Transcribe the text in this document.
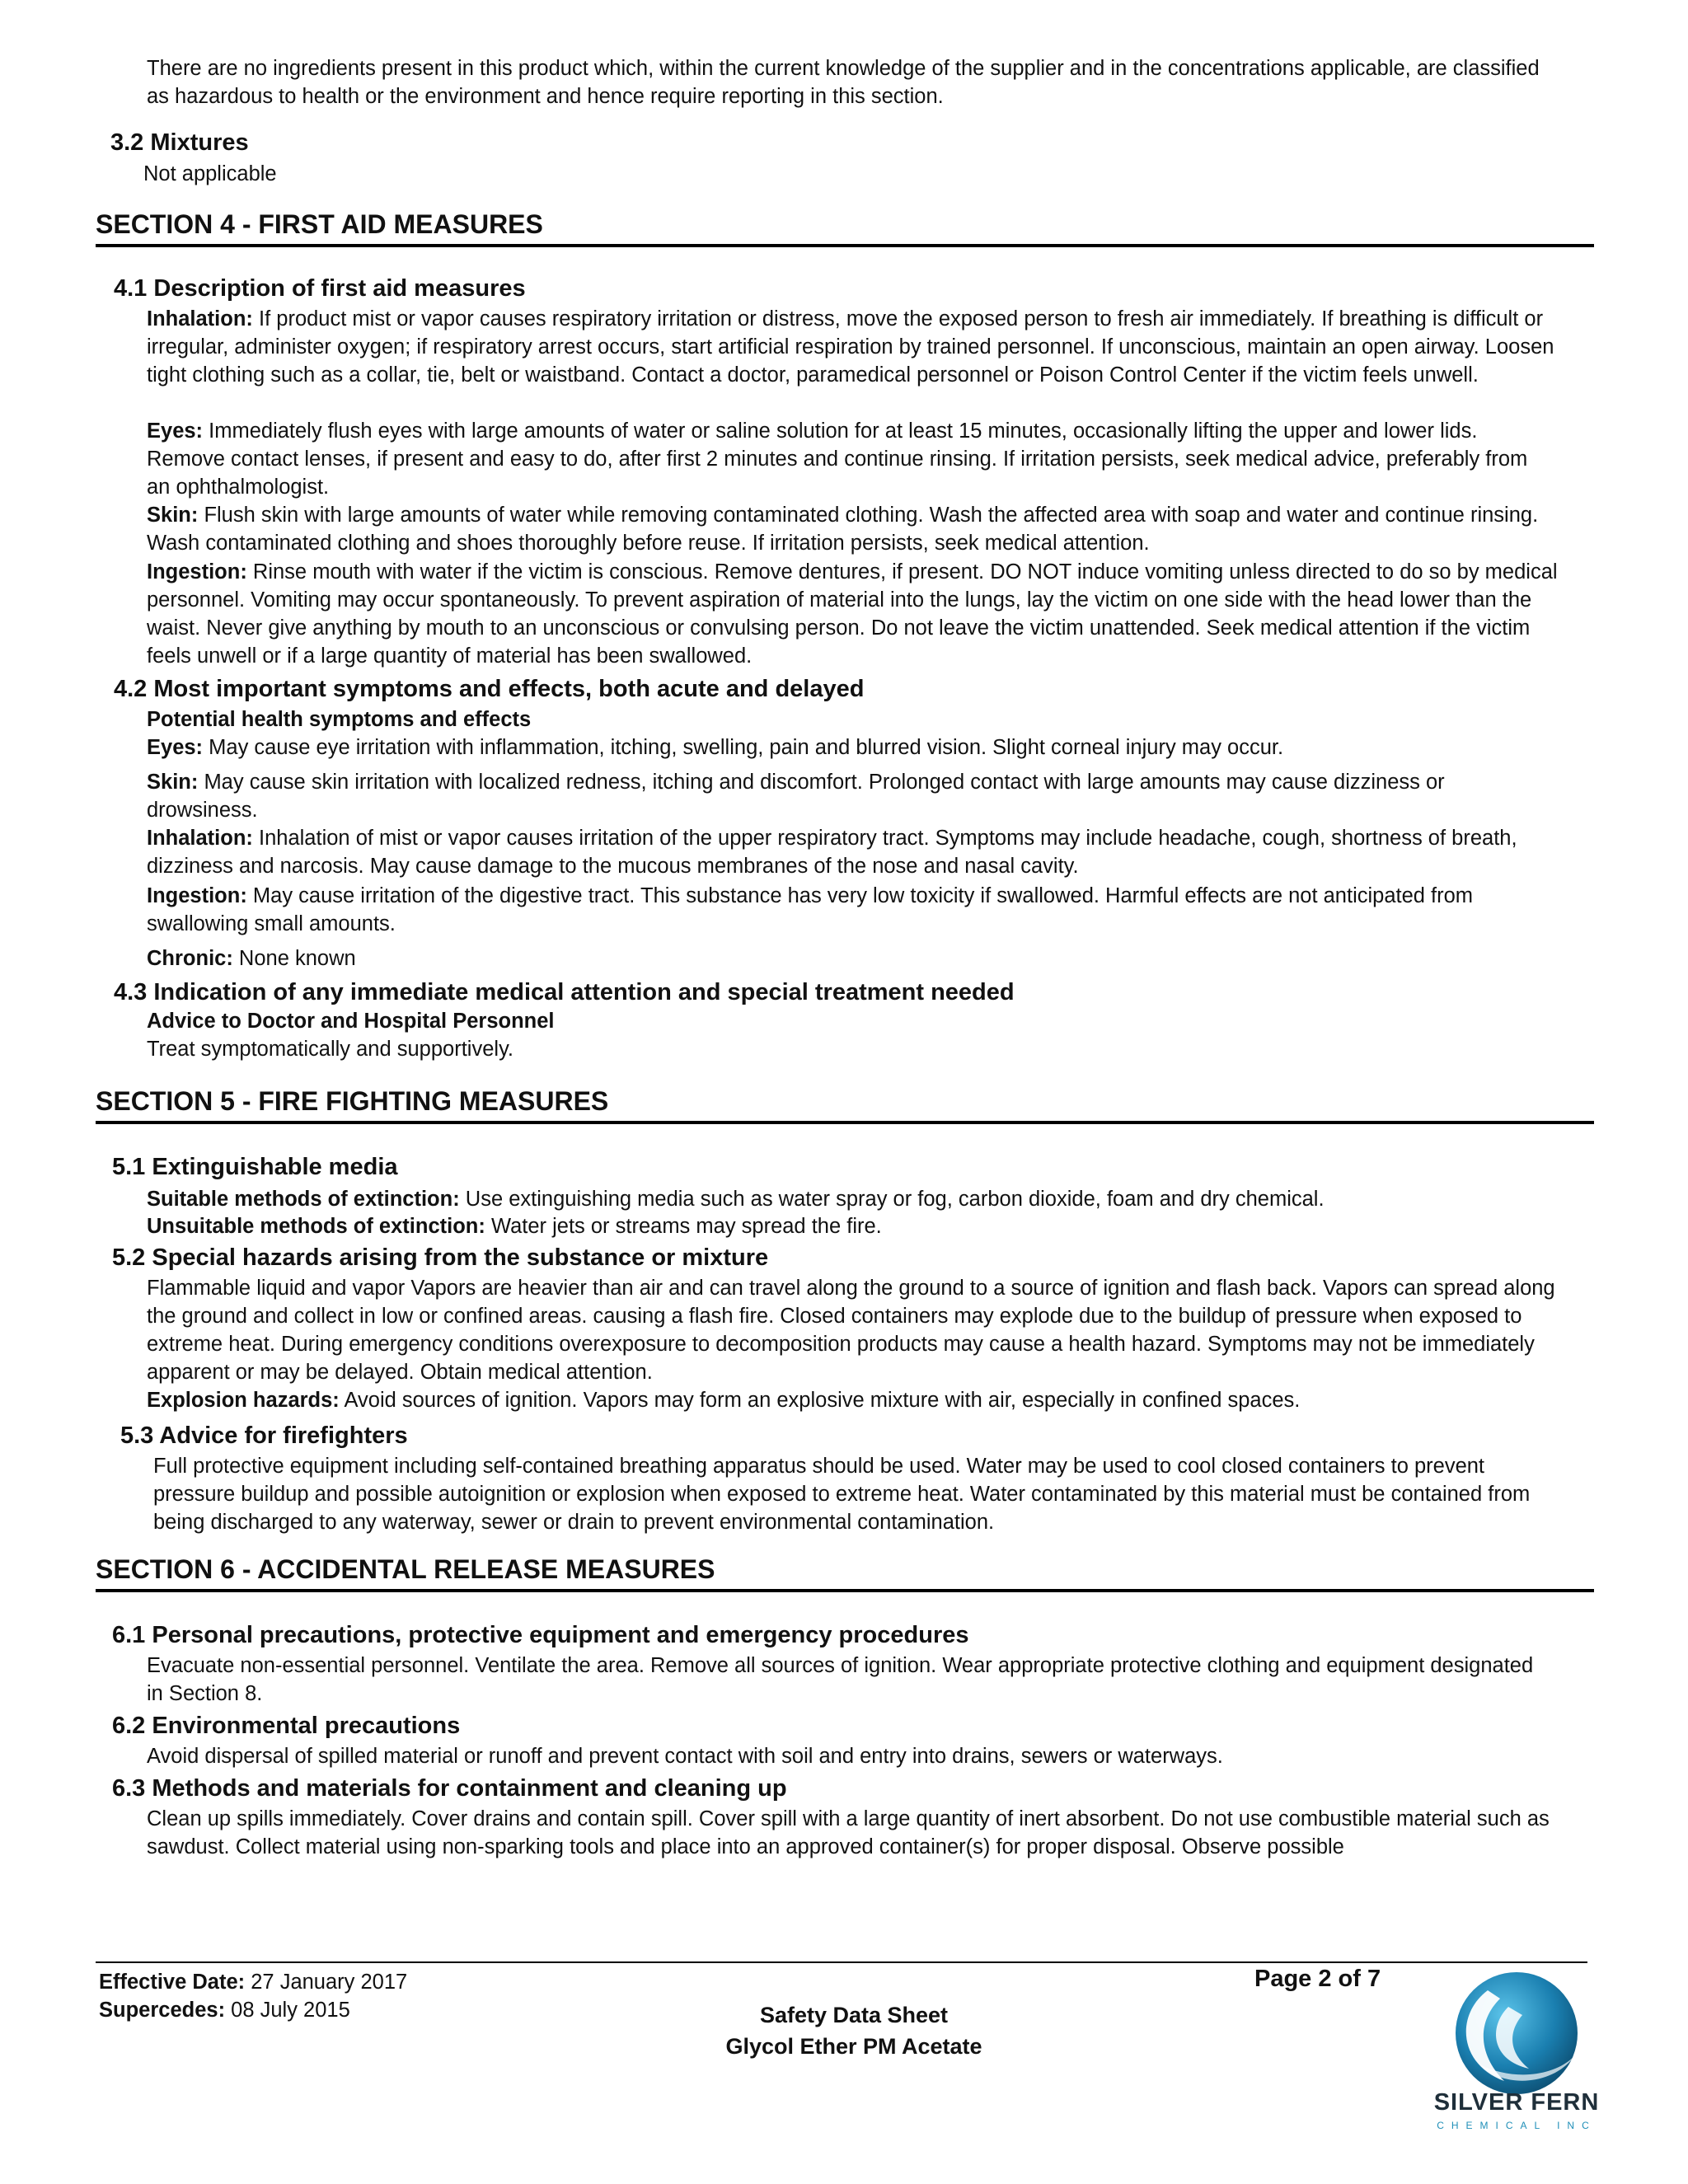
There are no ingredients present in this product which, within the current knowledge of the supplier and in the concentrations applicable, are classified as hazardous to health or the environment and hence require reporting in this section.

3.2 Mixtures

Not applicable

SECTION 4 - FIRST AID MEASURES
4.1 Description of first aid measures

Inhalation: If product mist or vapor causes respiratory irritation or distress, move the exposed person to fresh air immediately. If breathing is difficult or irregular, administer oxygen; if respiratory arrest occurs, start artificial respiration by trained personnel. If unconscious, maintain an open airway. Loosen tight clothing such as a collar, tie, belt or waistband. Contact a doctor, paramedical personnel or Poison Control Center if the victim feels unwell.

Eyes: Immediately flush eyes with large amounts of water or saline solution for at least 15 minutes, occasionally lifting the upper and lower lids. Remove contact lenses, if present and easy to do, after first 2 minutes and continue rinsing. If irritation persists, seek medical advice, preferably from an ophthalmologist.

Skin: Flush skin with large amounts of water while removing contaminated clothing. Wash the affected area with soap and water and continue rinsing. Wash contaminated clothing and shoes thoroughly before reuse. If irritation persists, seek medical attention.

Ingestion: Rinse mouth with water if the victim is conscious. Remove dentures, if present. DO NOT induce vomiting unless directed to do so by medical personnel. Vomiting may occur spontaneously. To prevent aspiration of material into the lungs, lay the victim on one side with the head lower than the waist. Never give anything by mouth to an unconscious or convulsing person. Do not leave the victim unattended. Seek medical attention if the victim feels unwell or if a large quantity of material has been swallowed.

4.2 Most important symptoms and effects, both acute and delayed

Potential health symptoms and effects

Eyes: May cause eye irritation with inflammation, itching, swelling, pain and blurred vision. Slight corneal injury may occur.

Skin: May cause skin irritation with localized redness, itching and discomfort. Prolonged contact with large amounts may cause dizziness or drowsiness.

Inhalation: Inhalation of mist or vapor causes irritation of the upper respiratory tract. Symptoms may include headache, cough, shortness of breath, dizziness and narcosis. May cause damage to the mucous membranes of the nose and nasal cavity.

Ingestion: May cause irritation of the digestive tract. This substance has very low toxicity if swallowed. Harmful effects are not anticipated from swallowing small amounts.

Chronic: None known

4.3 Indication of any immediate medical attention and special treatment needed

Advice to Doctor and Hospital Personnel

Treat symptomatically and supportively.

SECTION 5 - FIRE FIGHTING MEASURES
5.1 Extinguishable media

Suitable methods of extinction: Use extinguishing media such as water spray or fog, carbon dioxide, foam and dry chemical.

Unsuitable methods of extinction: Water jets or streams may spread the fire.

5.2 Special hazards arising from the substance or mixture

Flammable liquid and vapor Vapors are heavier than air and can travel along the ground to a source of ignition and flash back. Vapors can spread along the ground and collect in low or confined areas. causing a flash fire. Closed containers may explode due to the buildup of pressure when exposed to extreme heat. During emergency conditions overexposure to decomposition products may cause a health hazard. Symptoms may not be immediately apparent or may be delayed. Obtain medical attention.

Explosion hazards: Avoid sources of ignition. Vapors may form an explosive mixture with air, especially in confined spaces.

5.3 Advice for firefighters

Full protective equipment including self-contained breathing apparatus should be used. Water may be used to cool closed containers to prevent pressure buildup and possible autoignition or explosion when exposed to extreme heat. Water contaminated by this material must be contained from being discharged to any waterway, sewer or drain to prevent environmental contamination.

SECTION 6 - ACCIDENTAL RELEASE MEASURES
6.1 Personal precautions, protective equipment and emergency procedures

Evacuate non-essential personnel. Ventilate the area. Remove all sources of ignition. Wear appropriate protective clothing and equipment designated in Section 8.

6.2 Environmental precautions

Avoid dispersal of spilled material or runoff and prevent contact with soil and entry into drains, sewers or waterways.

6.3 Methods and materials for containment and cleaning up

Clean up spills immediately. Cover drains and contain spill. Cover spill with a large quantity of inert absorbent. Do not use combustible material such as sawdust. Collect material using non-sparking tools and place into an approved container(s) for proper disposal. Observe possible

Effective Date: 27 January 2017

Supercedes: 08 July 2015

Page 2 of 7

Safety Data Sheet

Glycol Ether PM Acetate

SILVER FERN
CHEMICAL INC
